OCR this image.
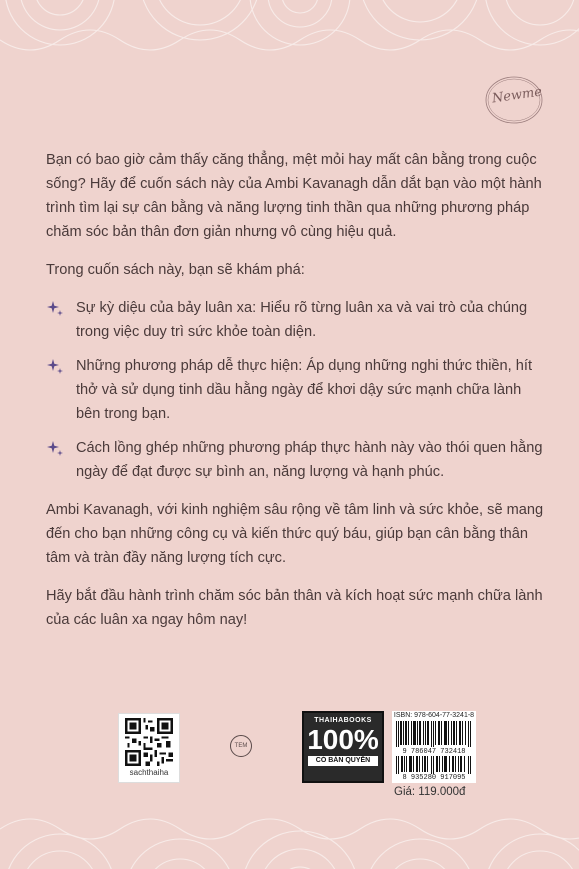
Newme

Bạn có bao giờ cảm thấy căng thẳng, mệt mỏi hay mất cân bằng trong cuộc sống? Hãy để cuốn sách này của Ambi Kavanagh dẫn dắt bạn vào một hành trình tìm lại sự cân bằng và năng lượng tinh thần qua những phương pháp chăm sóc bản thân đơn giản nhưng vô cùng hiệu quả.

Trong cuốn sách này, bạn sẽ khám phá:

Sự kỳ diệu của bảy luân xa: Hiểu rõ từng luân xa và vai trò của chúng trong việc duy trì sức khỏe toàn diện.
Những phương pháp dễ thực hiện: Áp dụng những nghi thức thiền, hít thở và sử dụng tinh dầu hằng ngày để khơi dậy sức mạnh chữa lành bên trong bạn.
Cách lồng ghép những phương pháp thực hành này vào thói quen hằng ngày để đạt được sự bình an, năng lượng và hạnh phúc.

Ambi Kavanagh, với kinh nghiệm sâu rộng về tâm linh và sức khỏe, sẽ mang đến cho bạn những công cụ và kiến thức quý báu, giúp bạn cân bằng thân tâm và tràn đầy năng lượng tích cực.

Hãy bắt đầu hành trình chăm sóc bản thân và kích hoạt sức mạnh chữa lành của các luân xa ngay hôm nay!

sachthaiha
TEM
THAIHABOOKS
100%
CÓ BẢN QUYỀN
ISBN: 978-604-77-3241-8
9 786047 732418
8 935280 917095
Giá: 119.000đ
